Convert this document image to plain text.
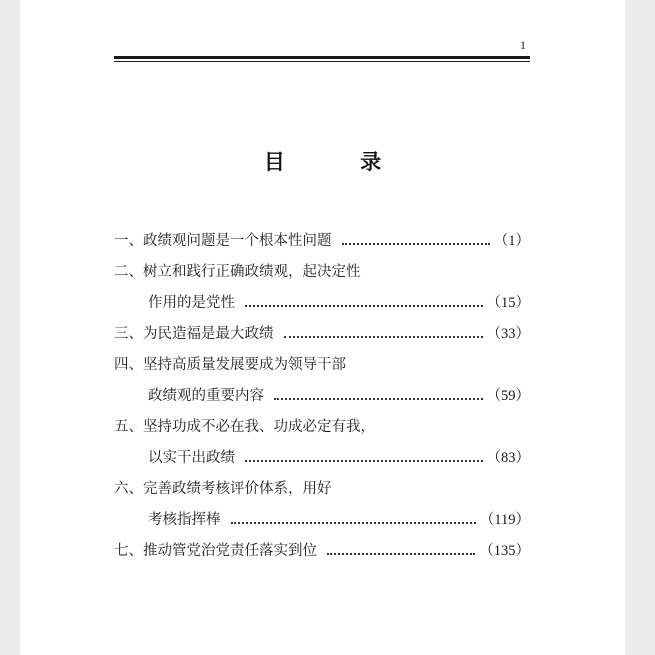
1
目 录
一、政绩观问题是一个根本性问题	（1）
二、树立和践行正确政绩观，起决定性
作用的是党性	（15）
三、为民造福是最大政绩	（33）
四、坚持高质量发展要成为领导干部
政绩观的重要内容	（59）
五、坚持功成不必在我、功成必定有我，
以实干出政绩	（83）
六、完善政绩考核评价体系，用好
考核指挥棒	（119）
七、推动管党治党责任落实到位	（135）
